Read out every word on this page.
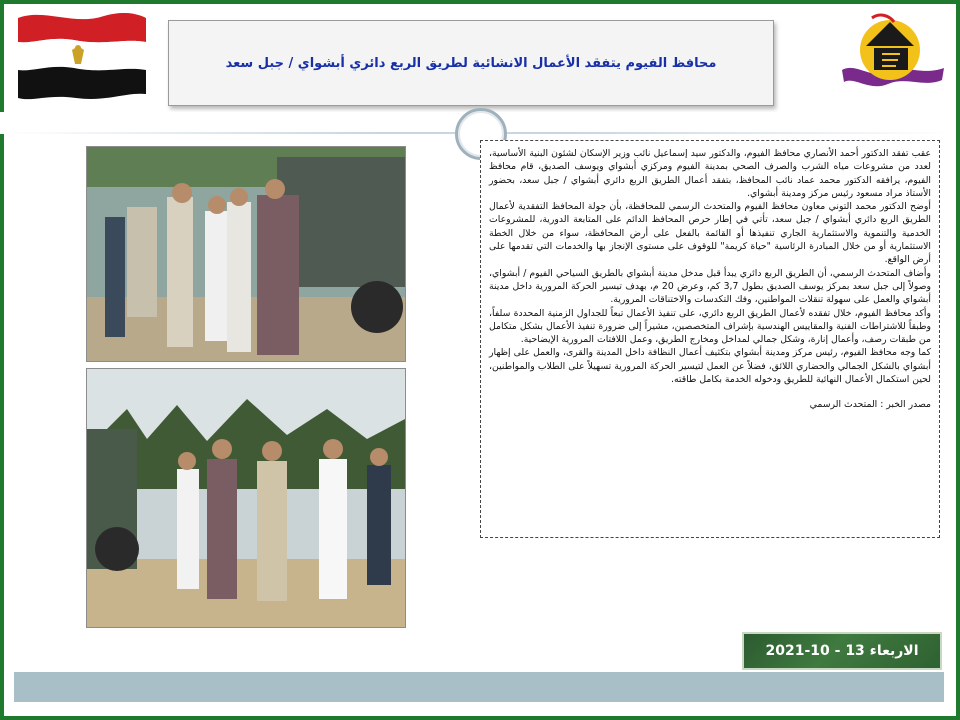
محافظ الفيوم يتفقد الأعمال الانشائية لطريق الربع دائري أبشواي / جبل سعد

عقب تفقد الدكتور أحمد الأنصاري محافظ الفيوم، والدكتور سيد إسماعيل نائب وزير الإسكان لشئون البنية الأساسية، لعدد من مشروعات مياه الشرب والصرف الصحي بمدينة الفيوم ومركزي أبشواي ويوسف الصديق، قام محافظ الفيوم، يرافقه الدكتور محمد عماد نائب المحافظ، بتفقد أعمال الطريق الربع دائري أبشواي / جبل سعد، بحضور الأستاذ مراد مسعود رئيس مركز ومدينة أبشواي.

أوضح الدكتور محمد التوني معاون محافظ الفيوم والمتحدث الرسمي للمحافظة، بأن جولة المحافظ التفقدية لأعمال الطريق الربع دائري أبشواي / جبل سعد، تأتي في إطار حرص المحافظ الدائم على المتابعة الدورية، للمشروعات الخدمية والتنموية والاستثمارية الجاري تنفيذها أو القائمة بالفعل على أرض المحافظة، سواء من خلال الخطة الاستثمارية أو من خلال المبادرة الرئاسية "حياة كريمة" للوقوف على مستوى الإنجاز بها والخدمات التي تقدمها على أرض الواقع.

وأضاف المتحدث الرسمي، أن الطريق الربع دائري يبدأ قبل مدخل مدينة أبشواي بالطريق السياحي الفيوم / أبشواي، وصولاً إلى جبل سعد بمركز يوسف الصديق بطول 3,7 كم، وعرض 20 م، بهدف تيسير الحركة المرورية داخل مدينة أبشواي والعمل على سهولة تنقلات المواطنين، وفك التكدسات والاختناقات المرورية.

وأكد محافظ الفيوم، خلال تفقده لأعمال الطريق الربع دائري، على تنفيذ الأعمال تبعاً للجداول الزمنية المحددة سلفاً، وطبقاً للاشتراطات الفنية والمقاييس الهندسية بإشراف المتخصصين، مشيراً إلى ضرورة تنفيذ الأعمال بشكل متكامل من طبقات رصف، وأعمال إنارة، وشكل جمالي لمداخل ومخارج الطريق، وعمل اللافتات المرورية الإيضاحية.

كما وجه محافظ الفيوم، رئيس مركز ومدينة أبشواي بتكثيف أعمال النظافة داخل المدينة والقرى، والعمل على إظهار أبشواي بالشكل الجمالي والحضاري اللائق، فضلاً عن العمل لتيسير الحركة المرورية تسهيلاً على الطلاب والمواطنين، لحين استكمال الأعمال النهائية للطريق ودخوله الخدمة بكامل طاقته.

مصدر الخبر : المتحدث الرسمي

الاربعاء 13 - 10-2021
